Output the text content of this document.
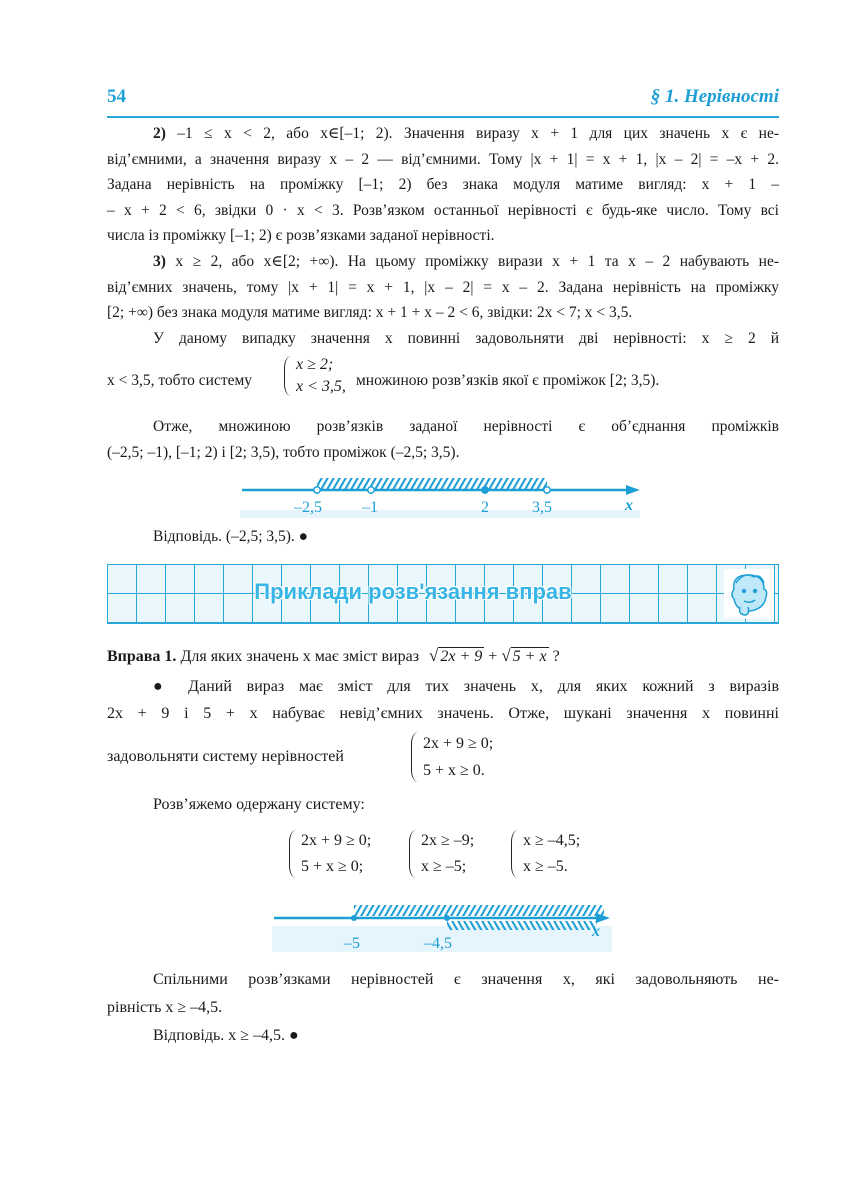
54	§ 1. Нерівності
2) –1 ≤ x < 2, або x∈[–1; 2). Значення виразу x + 1 для цих значень x є не-
від’ємними, а значення виразу x – 2 — від’ємними. Тому |x + 1| = x + 1, |x – 2| = –x + 2.
Задана нерівність на проміжку [–1; 2) без знака модуля матиме вигляд: x + 1 –
– x + 2 < 6, звідки 0 · x < 3. Розв’язком останньої нерівності є будь-яке число. Тому всі
числа із проміжку [–1; 2) є розв’язками заданої нерівності.
3) x ≥ 2, або x∈[2; +∞). На цьому проміжку вирази x + 1 та x – 2 набувають не-
від’ємних значень, тому |x + 1| = x + 1, |x – 2| = x – 2. Задана нерівність на проміжку
[2; +∞) без знака модуля матиме вигляд: x + 1 + x – 2 < 6, звідки: 2x < 7; x < 3,5.
У даному випадку значення x повинні задовольняти дві нерівності: x ≥ 2 й
x < 3,5, тобто систему
x ≥ 2;
x < 3,5, множиною розв’язків якої є проміжок [2; 3,5).
Отже, множиною розв’язків заданої нерівності є об’єднання проміжків
(–2,5; –1), [–1; 2) і [2; 3,5), тобто проміжок (–2,5; 3,5).
–2,5	–1	2	3,5	x
Відповідь. (–2,5; 3,5). ●
Приклади розв'язання вправ
Вправа 1. Для яких значень x має зміст вираз √ 2x + 9 + √ 5 + x ?
● Даний вираз має зміст для тих значень x, для яких кожний з виразів
2x + 9 і 5 + x набуває невід’ємних значень. Отже, шукані значення x повинні
задовольняти систему нерівностей
2x + 9 ≥ 0;
5 + x ≥ 0.
Розв’яжемо одержану систему:
2x + 9 ≥ 0;
5 + x ≥ 0;
2x ≥ –9;
x ≥ –5;
x ≥ –4,5;
x ≥ –5.
–5	–4,5
x
Спільними розв’язками нерівностей є значення x, які задовольняють не-
рівність x ≥ –4,5.
Відповідь. x ≥ –4,5. ●
